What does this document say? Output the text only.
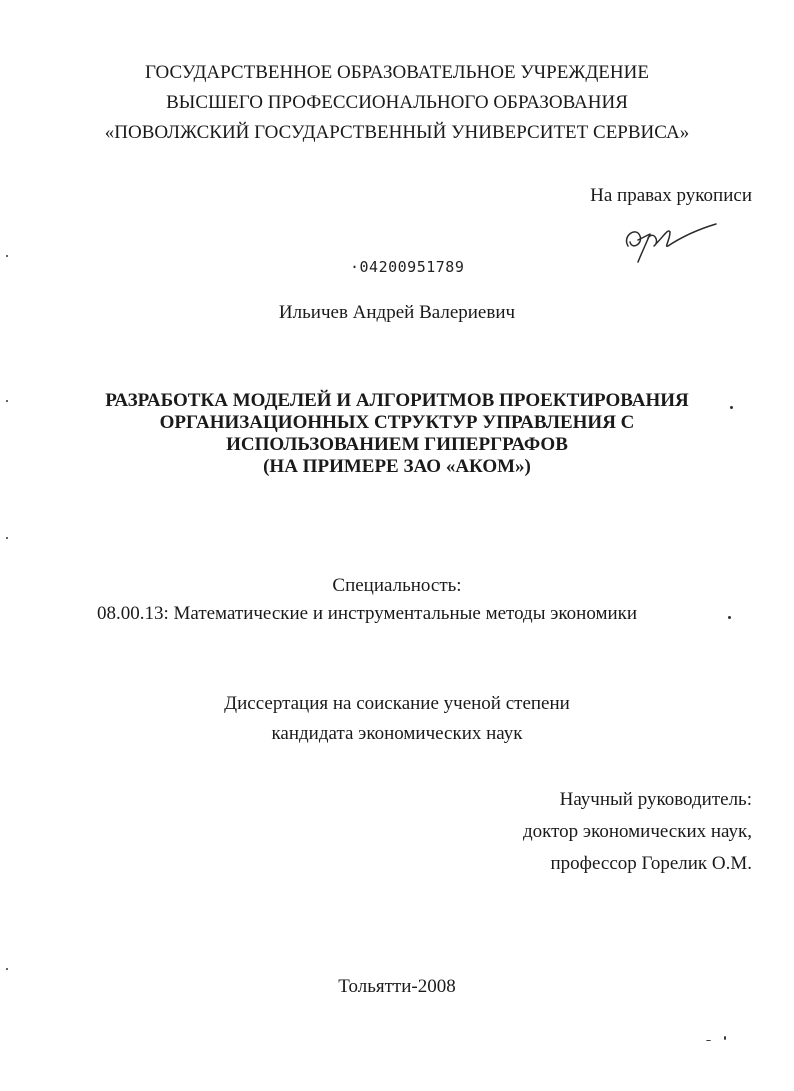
ГОСУДАРСТВЕННОЕ ОБРАЗОВАТЕЛЬНОЕ УЧРЕЖДЕНИЕ
ВЫСШЕГО ПРОФЕССИОНАЛЬНОГО ОБРАЗОВАНИЯ
«ПОВОЛЖСКИЙ ГОСУДАРСТВЕННЫЙ УНИВЕРСИТЕТ СЕРВИСА»
На правах рукописи
·04200951789
Ильичев Андрей Валериевич
РАЗРАБОТКА МОДЕЛЕЙ И АЛГОРИТМОВ ПРОЕКТИРОВАНИЯ
ОРГАНИЗАЦИОННЫХ СТРУКТУР УПРАВЛЕНИЯ С
ИСПОЛЬЗОВАНИЕМ ГИПЕРГРАФОВ
(НА ПРИМЕРЕ ЗАО «АКОМ»)
Специальность:
08.00.13: Математические и инструментальные методы экономики
Диссертация на соискание ученой степени
кандидата экономических наук
Научный руководитель:
доктор экономических наук,
профессор Горелик О.М.
Тольятти-2008
